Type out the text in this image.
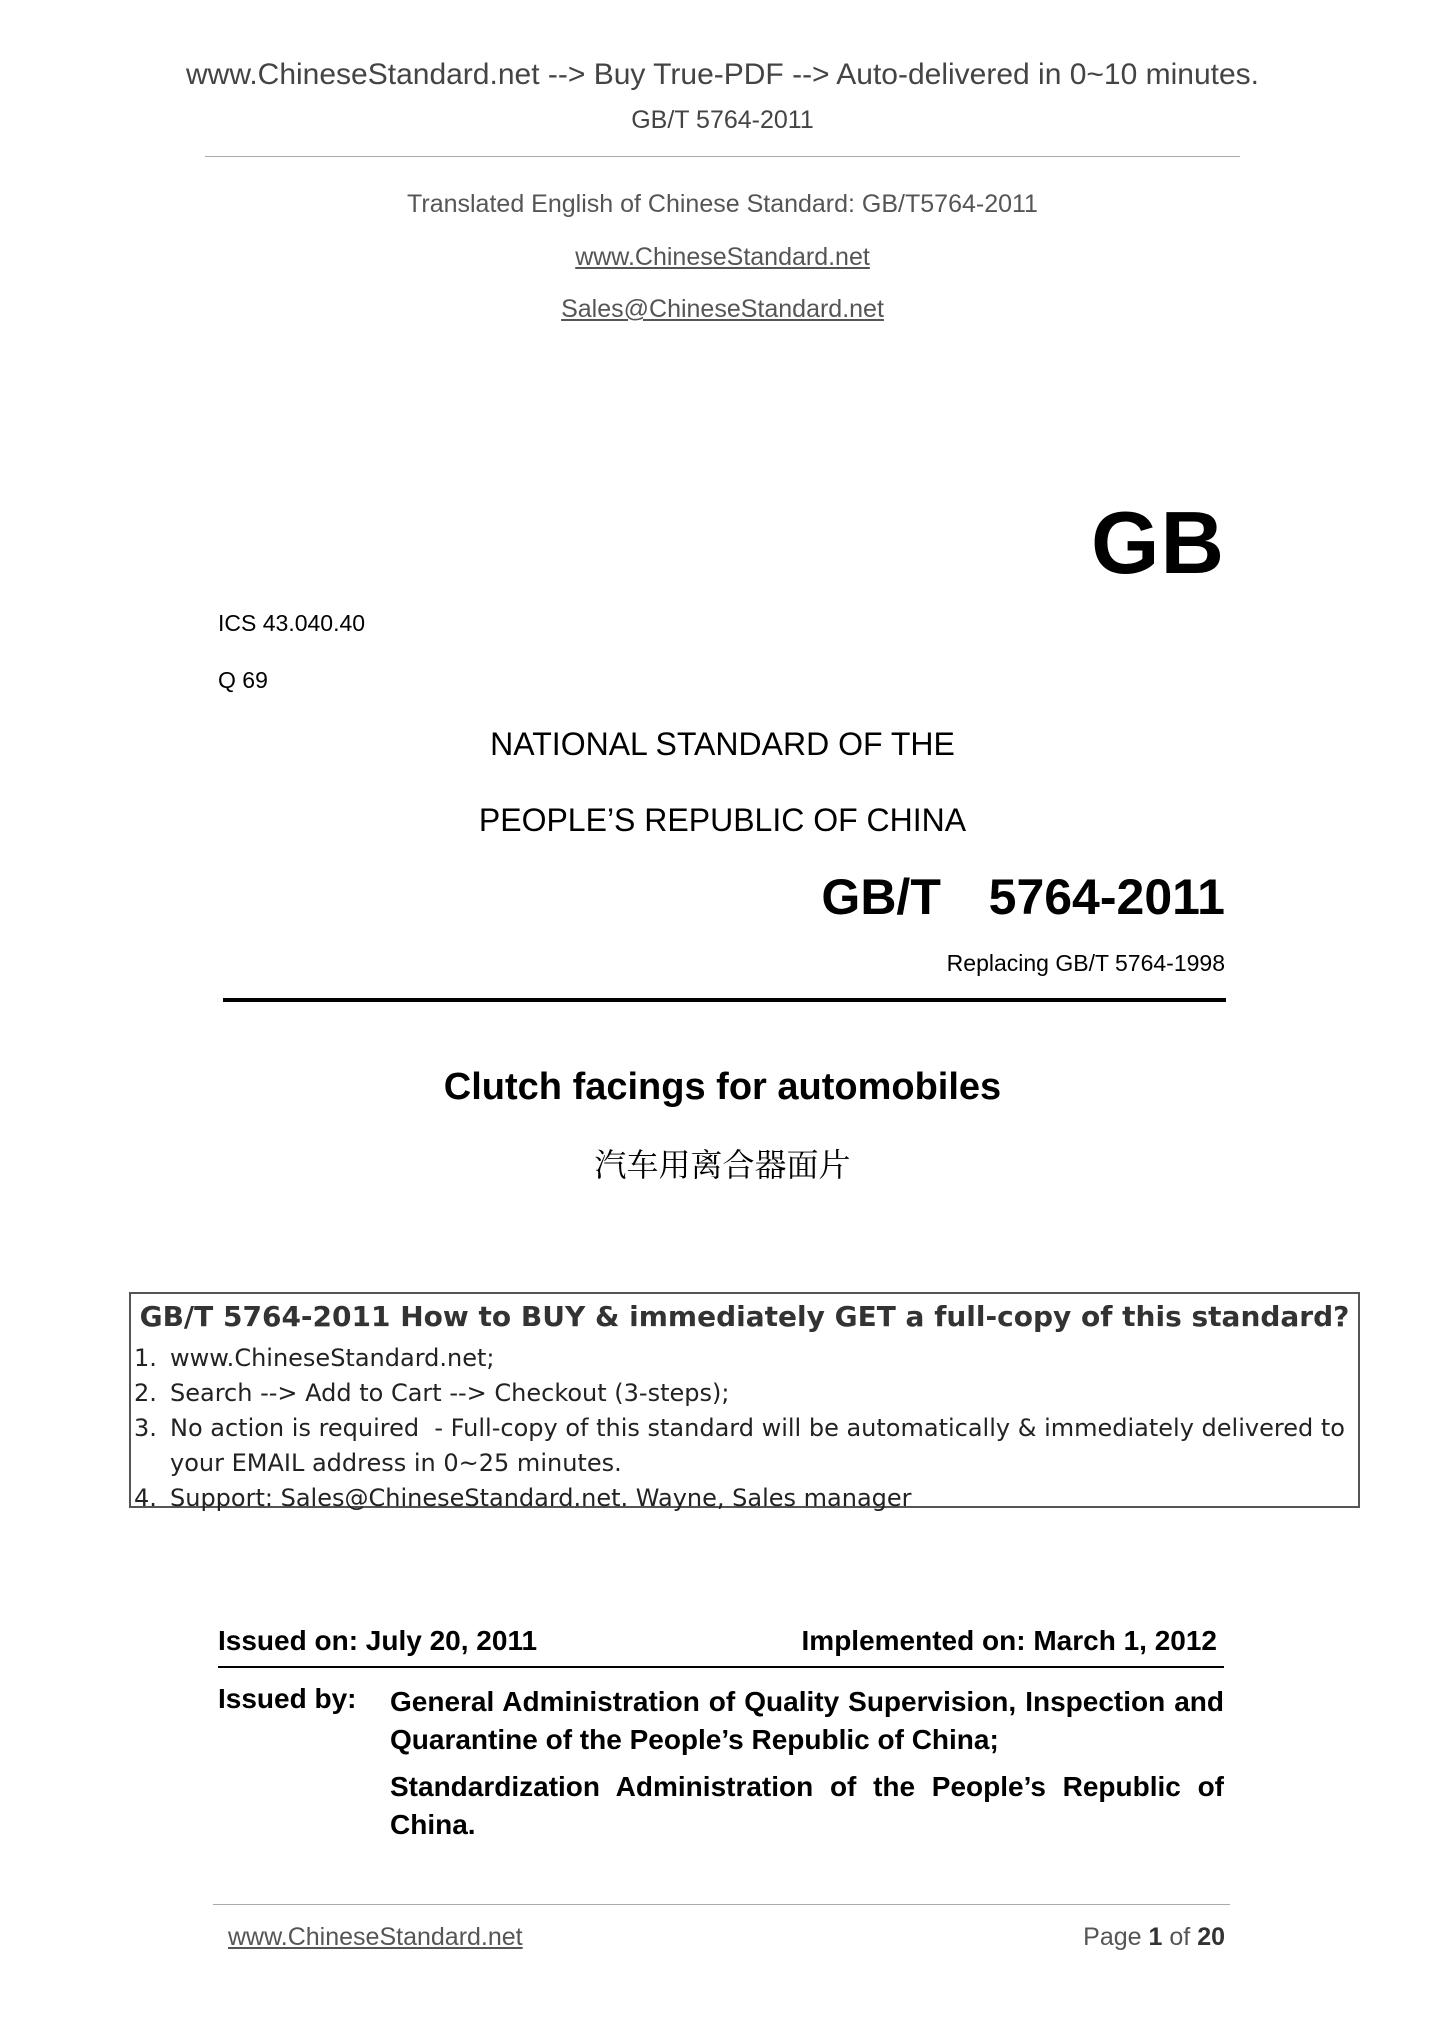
www.ChineseStandard.net --> Buy True-PDF --> Auto-delivered in 0~10 minutes.
GB/T 5764-2011
Translated English of Chinese Standard: GB/T5764-2011
www.ChineseStandard.net
Sales@ChineseStandard.net
GB
ICS 43.040.40
Q 69
NATIONAL STANDARD OF THE
PEOPLE’S REPUBLIC OF CHINA
GB/T  5764-2011
Replacing GB/T 5764-1998
Clutch facings for automobiles
汽车用离合器面片
GB/T 5764-2011 How to BUY & immediately GET a full-copy of this standard?
1. www.ChineseStandard.net;
2. Search --> Add to Cart --> Checkout (3-steps);
3. No action is required  - Full-copy of this standard will be automatically & immediately delivered to
your EMAIL address in 0~25 minutes.
4. Support: Sales@ChineseStandard.net. Wayne, Sales manager
Issued on: July 20, 2011	Implemented on: March 1, 2012
Issued by: General Administration of Quality Supervision, Inspection and Quarantine of the People’s Republic of China;
Standardization Administration of the People’s Republic of China.
www.ChineseStandard.net	Page 1 of 20
